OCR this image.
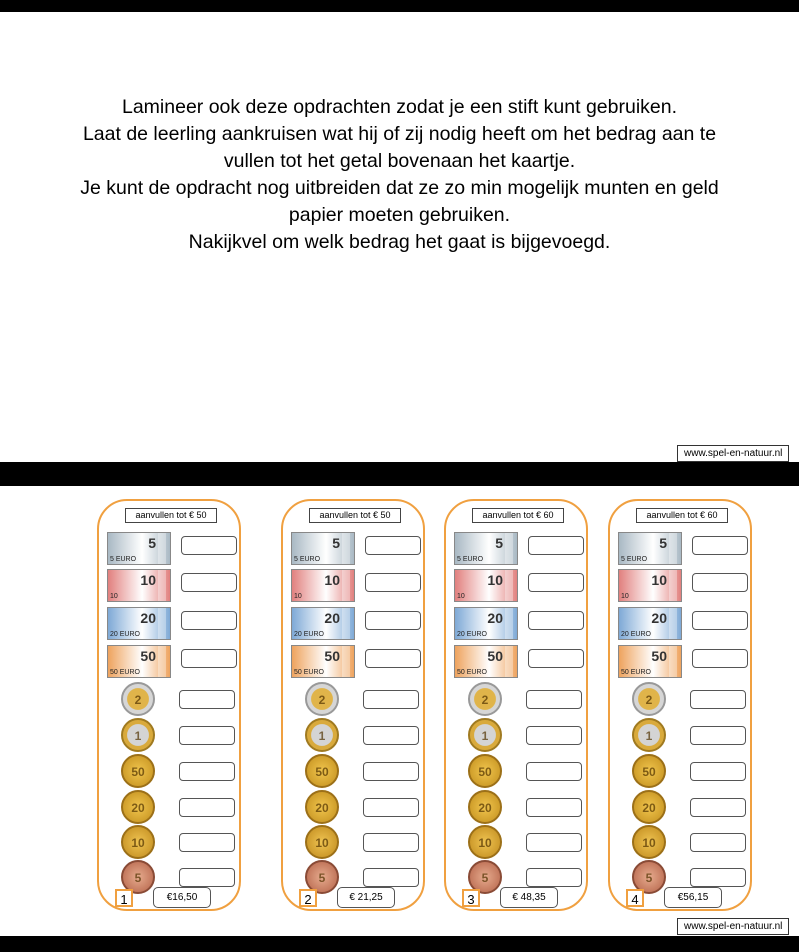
Lamineer ook deze opdrachten zodat je een stift kunt gebruiken.

Laat de leerling aankruisen wat hij of zij nodig heeft om het bedrag aan te

vullen tot het getal bovenaan het kaartje.

Je kunt de opdracht nog uitbreiden dat ze zo min mogelijk munten en geld

papier moeten gebruiken.

Nakijkvel om welk bedrag het gaat is bijgevoegd.

www.spel-en-natuur.nl
aanvullen tot € 50
5
5 EURO
10
10
20
20 EURO
50
50 EURO
2
1
50
20
10
5
1	€16,50
aanvullen tot € 50
5
5 EURO
10
10
20
20 EURO
50
50 EURO
2
1
50
20
10
5
2	€ 21,25
aanvullen tot € 60
5
5 EURO
10
10
20
20 EURO
50
50 EURO
2
1
50
20
10
5
3	€ 48,35
aanvullen tot € 60
5
5 EURO
10
10
20
20 EURO
50
50 EURO
2
1
50
20
10
5
4	€56,15
www.spel-en-natuur.nl
